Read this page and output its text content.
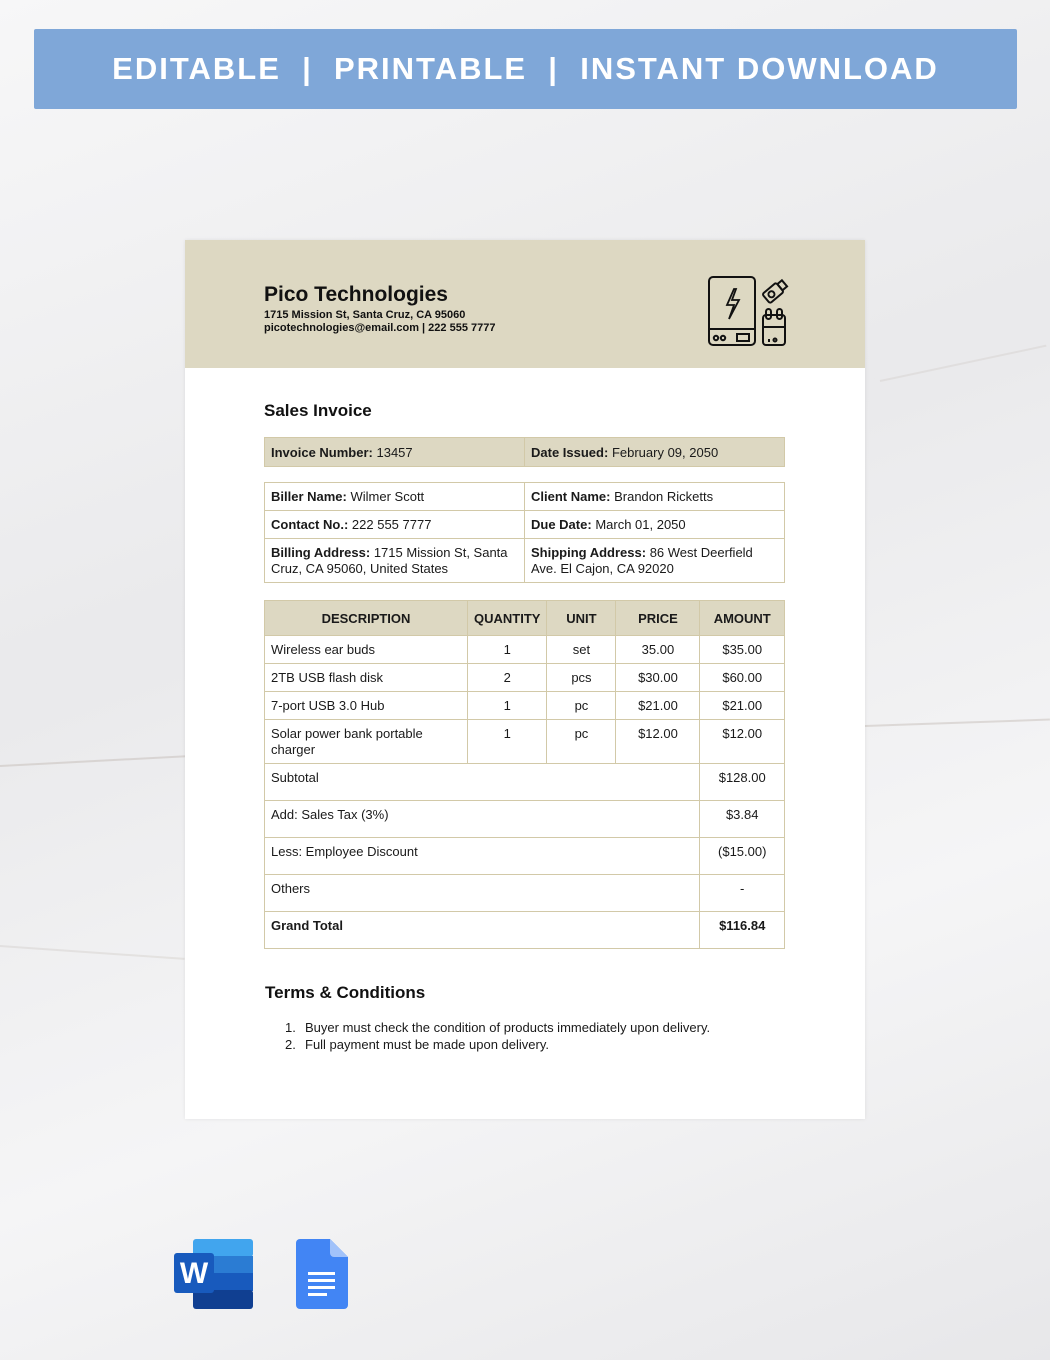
EDITABLE  |  PRINTABLE  |  INSTANT DOWNLOAD
Pico Technologies
1715 Mission St, Santa Cruz, CA 95060
picotechnologies@email.com | 222 555 7777
Sales Invoice
Invoice Number: 13457	Date Issued: February 09, 2050
Biller Name: Wilmer Scott	Client Name: Brandon Ricketts
Contact No.: 222 555 7777	Due Date: March 01, 2050
Billing Address: 1715 Mission St, Santa Cruz, CA 95060, United States	Shipping Address: 86 West Deerfield Ave. El Cajon, CA 92020
DESCRIPTION	QUANTITY	UNIT	PRICE	AMOUNT
Wireless ear buds	1	set	35.00	$35.00
2TB USB flash disk	2	pcs	$30.00	$60.00
7-port USB 3.0 Hub	1	pc	$21.00	$21.00
Solar power bank portable charger	1	pc	$12.00	$12.00
Subtotal				$128.00
Add: Sales Tax (3%)				$3.84
Less: Employee Discount				($15.00)
Others				-
Grand Total				$116.84
Terms & Conditions
1. Buyer must check the condition of products immediately upon delivery.
2. Full payment must be made upon delivery.
W
